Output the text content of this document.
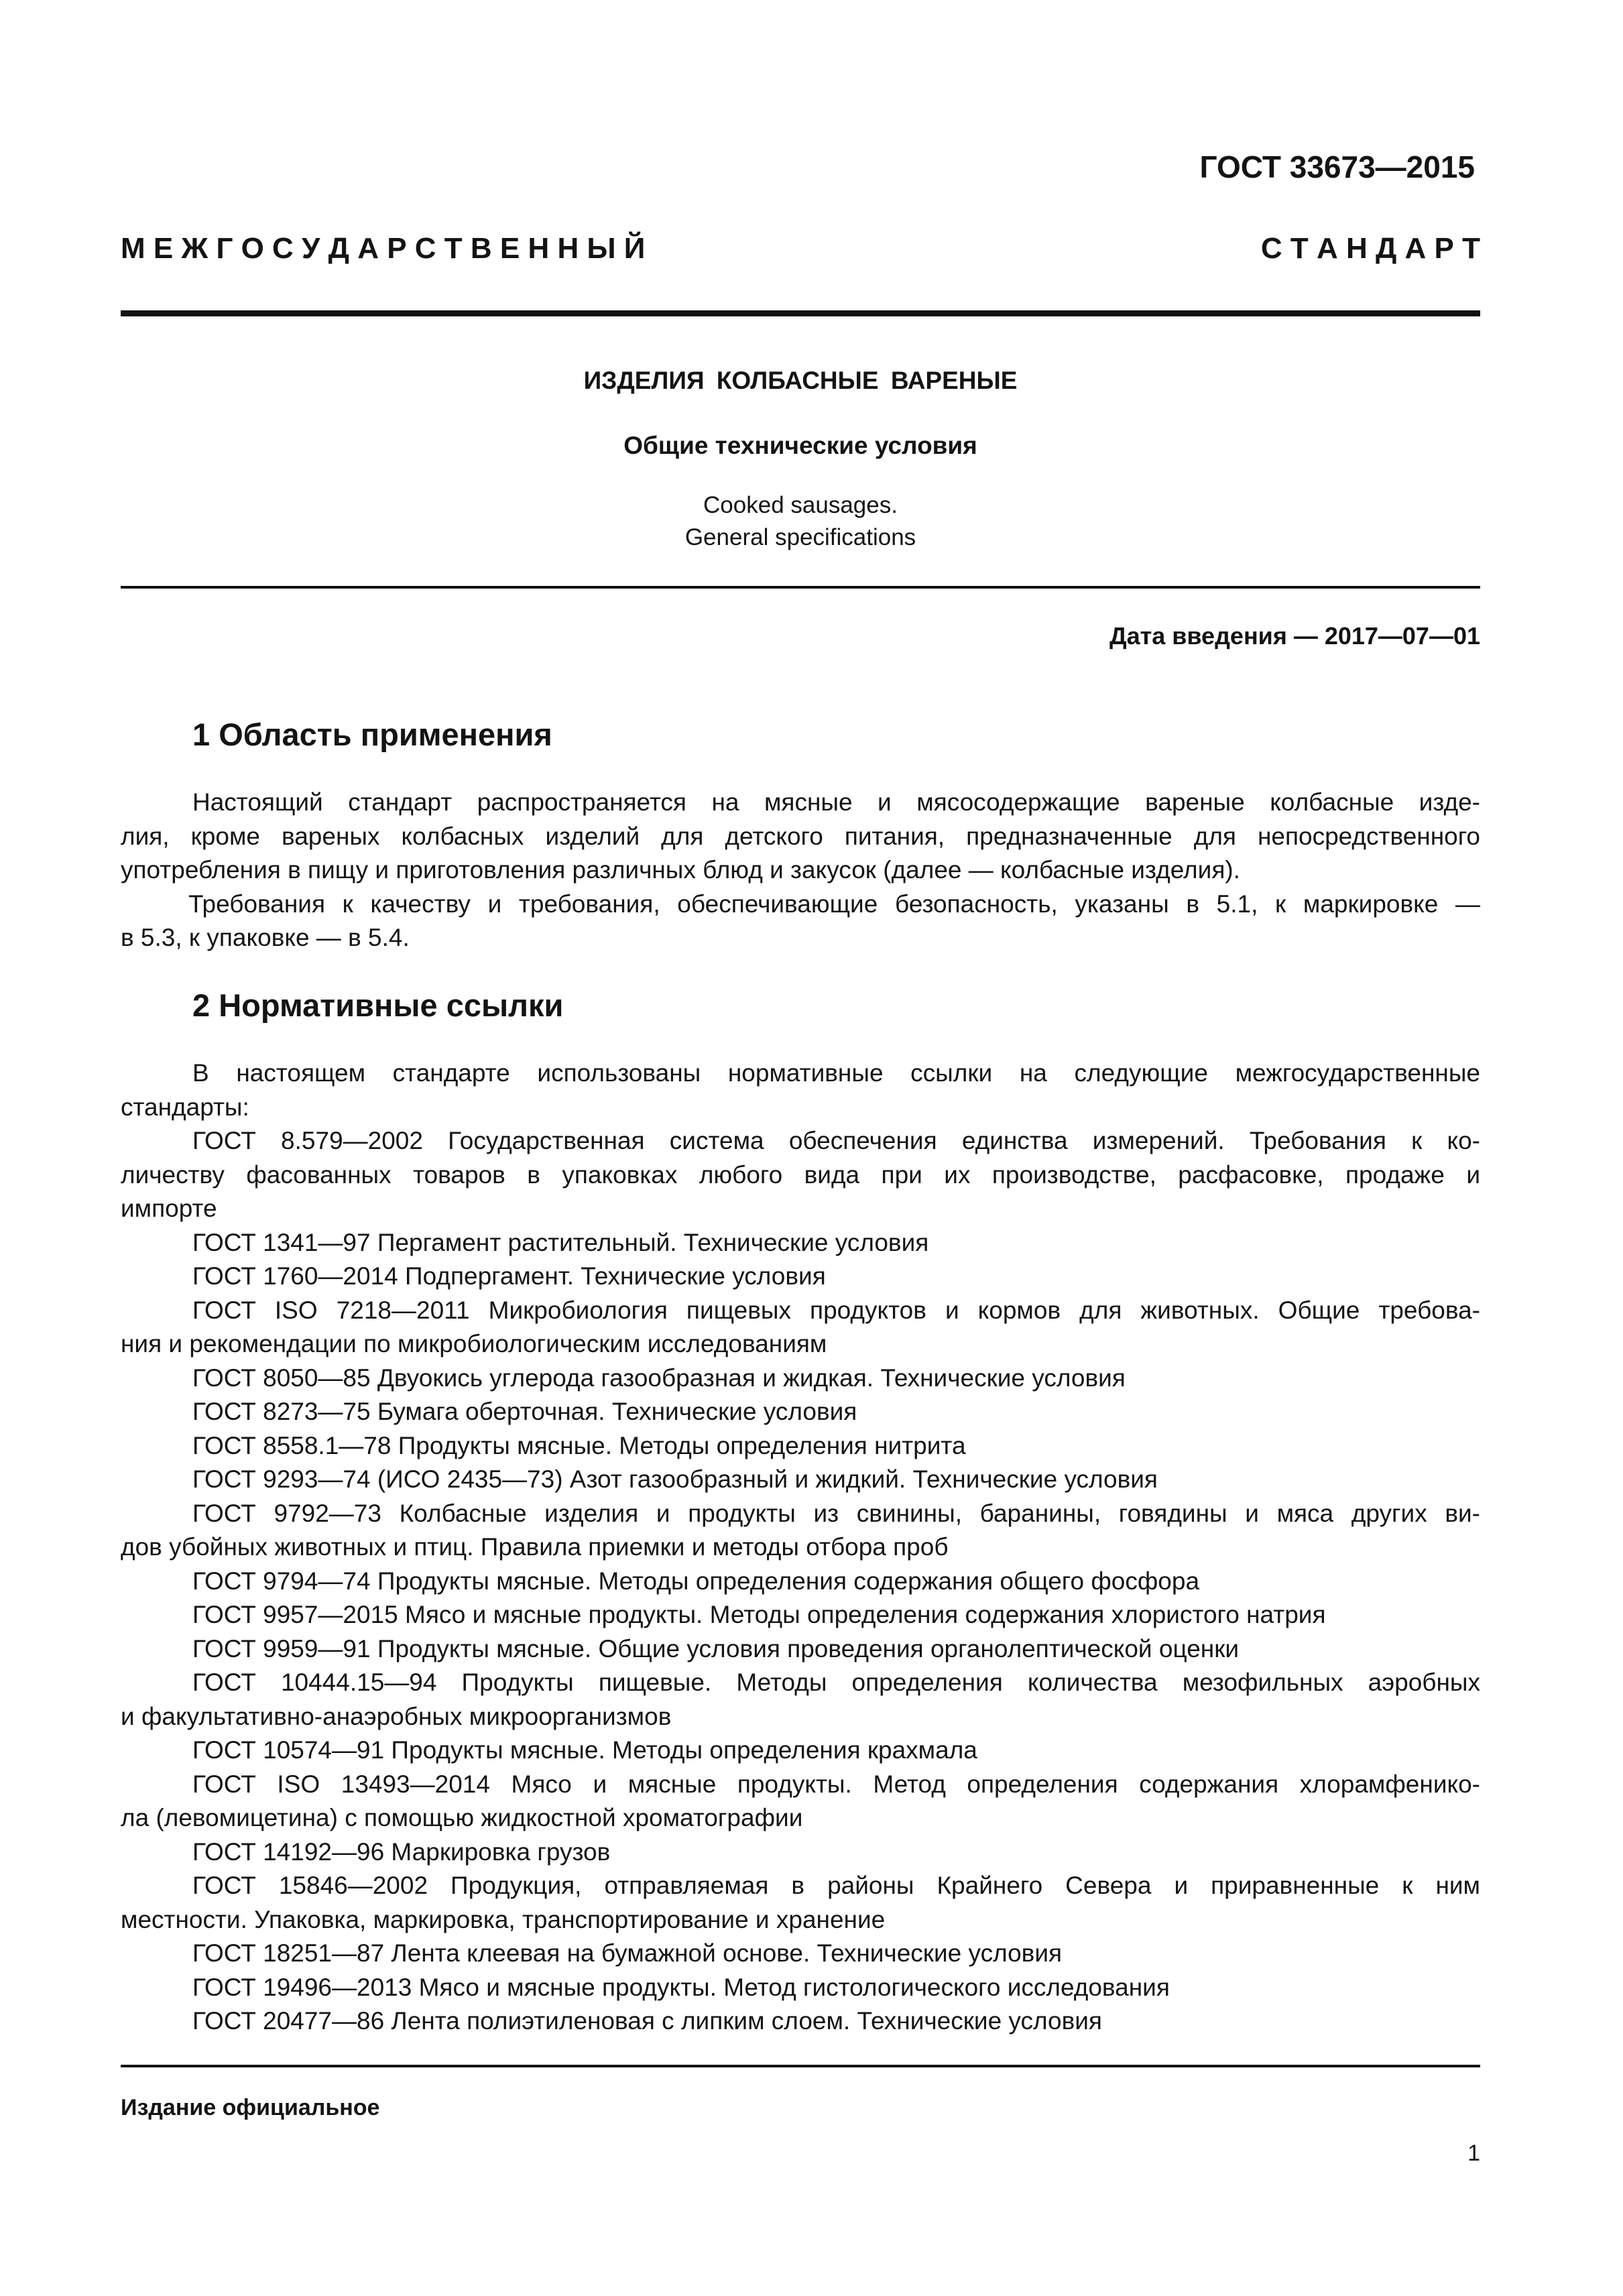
ГОСТ 33673—2015
М Е Ж Г О С У Д А Р С Т В Е Н Н Ы Й	С Т А Н Д А Р Т
ИЗДЕЛИЯ КОЛБАСНЫЕ ВАРЕНЫЕ
Общие технические условия
Cooked sausages.
General specifications
Дата введения — 2017—07—01
1 Область применения
Настоящий стандарт распространяется на мясные и мясосодержащие вареные колбасные изде-
лия, кроме вареных колбасных изделий для детского питания, предназначенные для непосредственного
употребления в пищу и приготовления различных блюд и закусок (далее — колбасные изделия).
Требования к качеству и требования, обеспечивающие безопасность, указаны в 5.1, к маркировке —
в 5.3, к упаковке — в 5.4.
2 Нормативные ссылки
В настоящем стандарте использованы нормативные ссылки на следующие межгосударственные
стандарты:
ГОСТ 8.579—2002 Государственная система обеспечения единства измерений. Требования к ко-
личеству фасованных товаров в упаковках любого вида при их производстве, расфасовке, продаже и
импорте
ГОСТ 1341—97 Пергамент растительный. Технические условия
ГОСТ 1760—2014 Подпергамент. Технические условия
ГОСТ ISO 7218—2011 Микробиология пищевых продуктов и кормов для животных. Общие требова-
ния и рекомендации по микробиологическим исследованиям
ГОСТ 8050—85 Двуокись углерода газообразная и жидкая. Технические условия
ГОСТ 8273—75 Бумага оберточная. Технические условия
ГОСТ 8558.1—78 Продукты мясные. Методы определения нитрита
ГОСТ 9293—74 (ИСО 2435—73) Азот газообразный и жидкий. Технические условия
ГОСТ 9792—73 Колбасные изделия и продукты из свинины, баранины, говядины и мяса других ви-
дов убойных животных и птиц. Правила приемки и методы отбора проб
ГОСТ 9794—74 Продукты мясные. Методы определения содержания общего фосфора
ГОСТ 9957—2015 Мясо и мясные продукты. Методы определения содержания хлористого натрия
ГОСТ 9959—91 Продукты мясные. Общие условия проведения органолептической оценки
ГОСТ 10444.15—94 Продукты пищевые. Методы определения количества мезофильных аэробных
и факультативно-анаэробных микроорганизмов
ГОСТ 10574—91 Продукты мясные. Методы определения крахмала
ГОСТ ISO 13493—2014 Мясо и мясные продукты. Метод определения содержания хлорамфенико-
ла (левомицетина) с помощью жидкостной хроматографии
ГОСТ 14192—96 Маркировка грузов
ГОСТ 15846—2002 Продукция, отправляемая в районы Крайнего Севера и приравненные к ним
местности. Упаковка, маркировка, транспортирование и хранение
ГОСТ 18251—87 Лента клеевая на бумажной основе. Технические условия
ГОСТ 19496—2013 Мясо и мясные продукты. Метод гистологического исследования
ГОСТ 20477—86 Лента полиэтиленовая с липким слоем. Технические условия
Издание официальное
1
